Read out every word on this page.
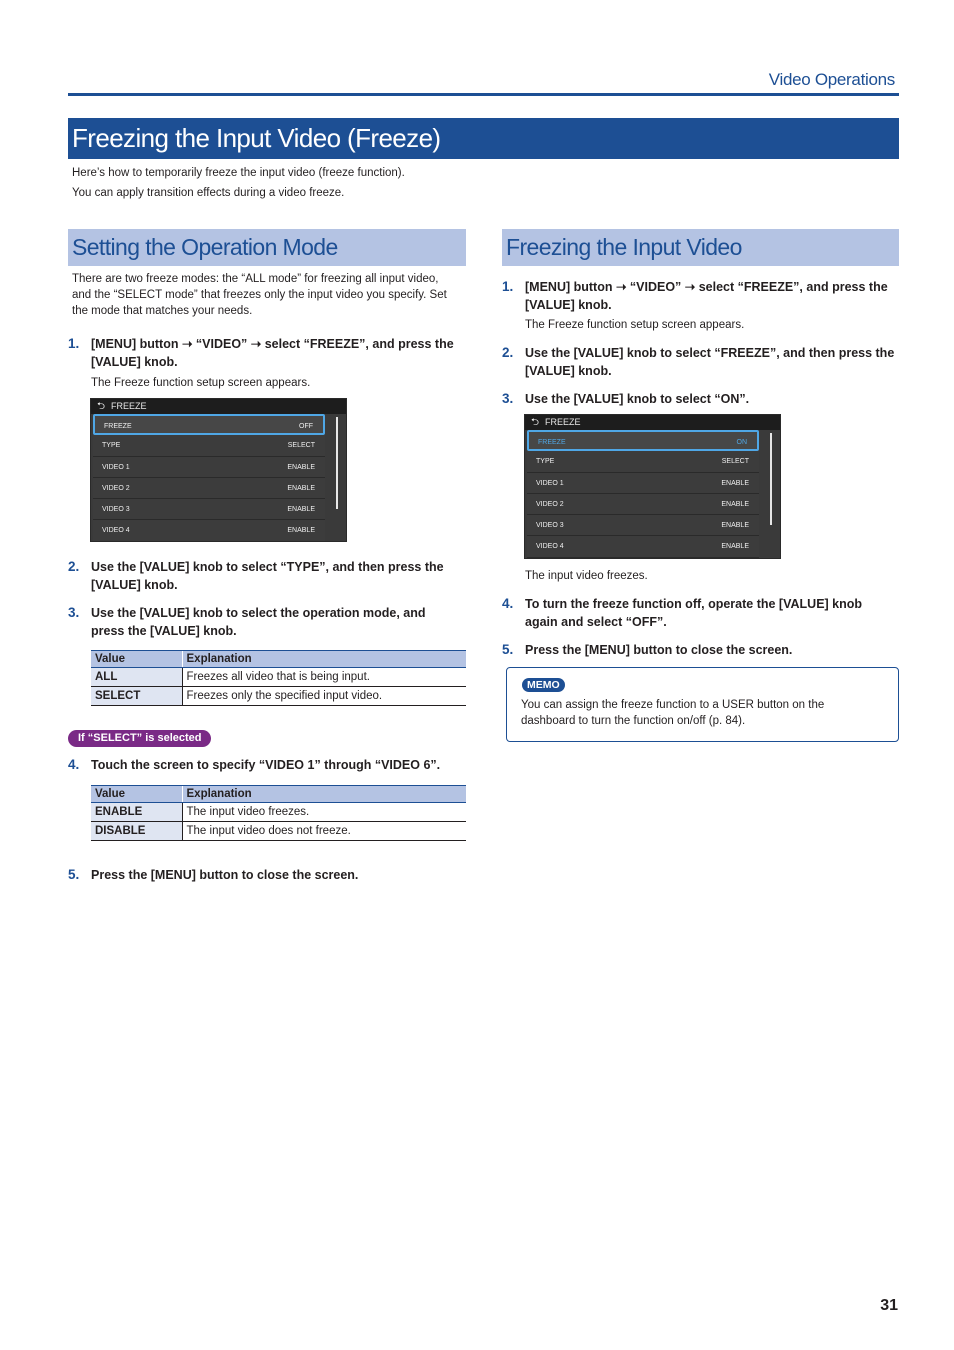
Video Operations
Freezing the Input Video (Freeze)
Here’s how to temporarily freeze the input video (freeze function).
You can apply transition effects during a video freeze.
Setting the Operation Mode
There are two freeze modes: the “ALL mode” for freezing all input video,
and the “SELECT mode” that freezes only the input video you specify. Set
the mode that matches your needs.
1. [MENU] button ➝ “VIDEO” ➝ select “FREEZE”, and press the
[VALUE] knob.
The Freeze function setup screen appears.
⮌ FREEZE
FREEZE	OFF
TYPE	SELECT
VIDEO 1	ENABLE
VIDEO 2	ENABLE
VIDEO 3	ENABLE
VIDEO 4	ENABLE
2. Use the [VALUE] knob to select “TYPE”, and then press the
[VALUE] knob.
3. Use the [VALUE] knob to select the operation mode, and
press the [VALUE] knob.
Value	Explanation
ALL	Freezes all video that is being input.
SELECT	Freezes only the specified input video.
If “SELECT” is selected
4. Touch the screen to specify “VIDEO 1” through “VIDEO 6”.
Value	Explanation
ENABLE	The input video freezes.
DISABLE	The input video does not freeze.
5. Press the [MENU] button to close the screen.
Freezing the Input Video
1. [MENU] button ➝ “VIDEO” ➝ select “FREEZE”, and press the
[VALUE] knob.
The Freeze function setup screen appears.
2. Use the [VALUE] knob to select “FREEZE”, and then press the
[VALUE] knob.
3. Use the [VALUE] knob to select “ON”.
⮌ FREEZE
FREEZE	ON
TYPE	SELECT
VIDEO 1	ENABLE
VIDEO 2	ENABLE
VIDEO 3	ENABLE
VIDEO 4	ENABLE
The input video freezes.
4. To turn the freeze function off, operate the [VALUE] knob
again and select “OFF”.
5. Press the [MENU] button to close the screen.
MEMO
You can assign the freeze function to a USER button on the
dashboard to turn the function on/off (p. 84).
31
